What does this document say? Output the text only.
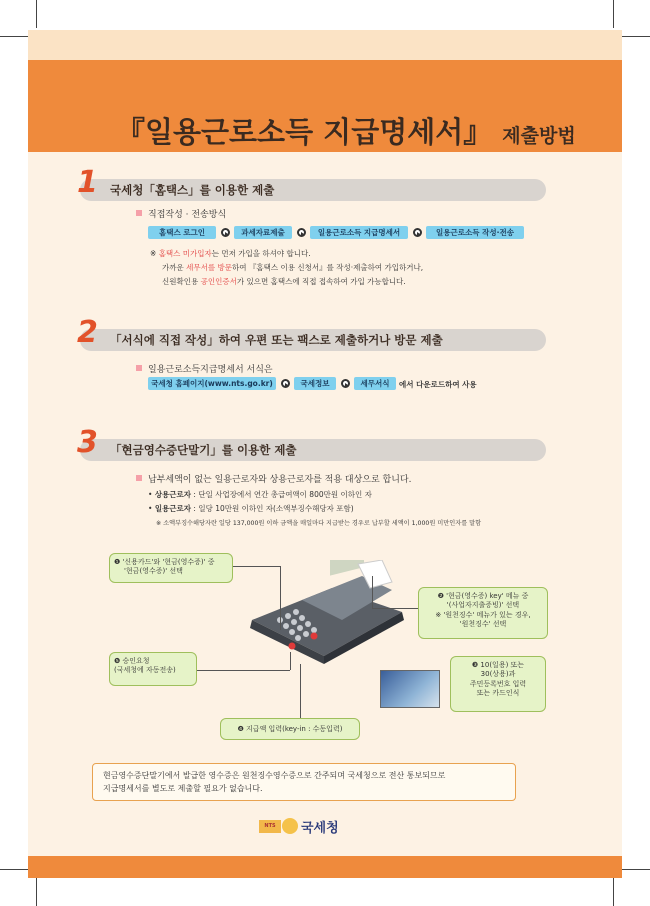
『일용근로소득 지급명세서』 제출방법
1 국세청「홈택스」를 이용한 제출
직접작성 · 전송방식
홈택스 로그인	과세자료제출	일용근로소득 지급명세서	일용근로소득 작성·전송
※ 홈택스 미가입자는 먼저 가입을 하셔야 합니다.
가까운 세무서를 방문하여 『홈택스 이용 신청서』를 작성·제출하여 가입하거나,
신원확인용 공인인증서가 있으면 홈택스에 직접 접속하여 가입 가능합니다.
2 「서식에 직접 작성」하여 우편 또는 팩스로 제출하거나 방문 제출
일용근로소득지급명세서 서식은
국세청 홈페이지(www.nts.go.kr)	국세정보	세무서식	에서 다운로드하여 사용
3 「현금영수증단말기」를 이용한 제출
납부세액이 없는 일용근로자와 상용근로자를 적용 대상으로 합니다.
• 상용근로자 : 단일 사업장에서 연간 총급여액이 800만원 이하인 자
• 일용근로자 : 일당 10만원 이하인 자(소액부징수해당자 포함)
※ 소액부징수해당자란 일당 137,000원 이하 금액을 매일마다 지급받는 경우로 납부할 세액이 1,000원 미만인자를 말함
❶ '신용카드'와 '현금(영수증)' 중
'현금(영수증)' 선택
❷ '현금(영수증) key' 메뉴 중
'(사업자지출증빙)' 선택
※ '원천징수' 메뉴가 있는 경우,
'원천징수' 선택
❸ 10(일용) 또는
30(상용)과
주민등록번호 입력
또는 카드인식
❺ 승인요청
(국세청에 자동전송)
❹ 지급액 입력(key-in : 수동입력)
현금영수증단말기에서 발급한 영수증은 원천징수영수증으로 간주되며 국세청으로 전산 통보되므로
지급명세서를 별도로 제출할 필요가 없습니다.
NTS	국세청
